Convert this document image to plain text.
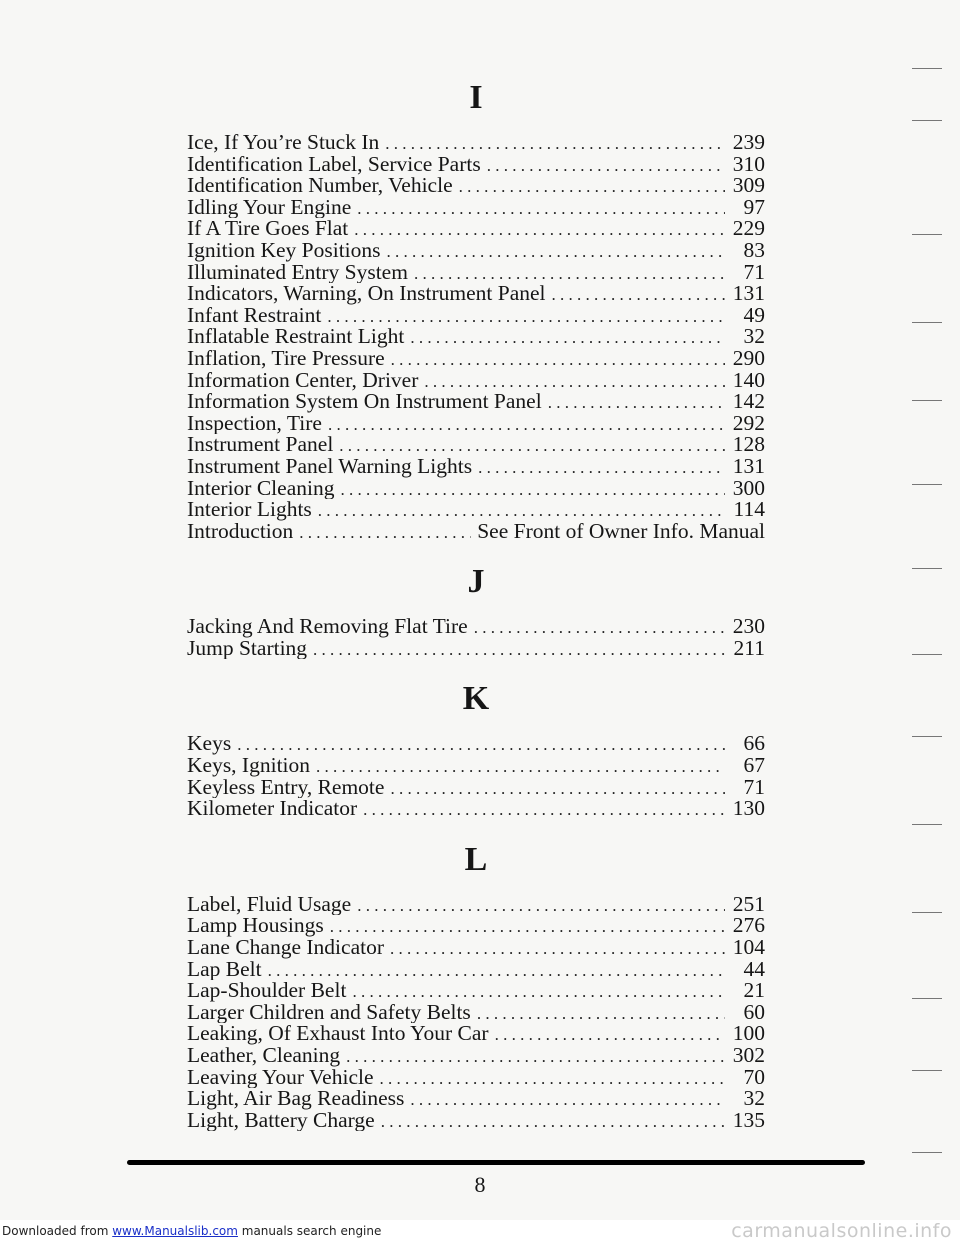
I
Ice, If You’re Stuck In . . .	239
Identification Label, Service Parts . . .	310
Identification Number, Vehicle . . .	309
Idling Your Engine . . .	97
If A Tire Goes Flat . . .	229
Ignition Key Positions . . .	83
Illuminated Entry System . . .	71
Indicators, Warning, On Instrument Panel . . .	131
Infant Restraint . . .	49
Inflatable Restraint Light . . .	32
Inflation, Tire Pressure . . .	290
Information Center, Driver . . .	140
Information System On Instrument Panel . . .	142
Inspection, Tire . . .	292
Instrument Panel . . .	128
Instrument Panel Warning Lights . . .	131
Interior Cleaning . . .	300
Interior Lights . . .	114
Introduction . . .	See Front of Owner Info. Manual
J
Jacking And Removing Flat Tire . . .	230
Jump Starting . . .	211
K
Keys . . .	66
Keys, Ignition . . .	67
Keyless Entry, Remote . . .	71
Kilometer Indicator . . .	130
L
Label, Fluid Usage . . .	251
Lamp Housings . . .	276
Lane Change Indicator . . .	104
Lap Belt . . .	44
Lap-Shoulder Belt . . .	21
Larger Children and Safety Belts . . .	60
Leaking, Of Exhaust Into Your Car . . .	100
Leather, Cleaning . . .	302
Leaving Your Vehicle . . .	70
Light, Air Bag Readiness . . .	32
Light, Battery Charge . . .	135
8
Downloaded from www.Manualslib.com manuals search engine	carmanualsonline.info
